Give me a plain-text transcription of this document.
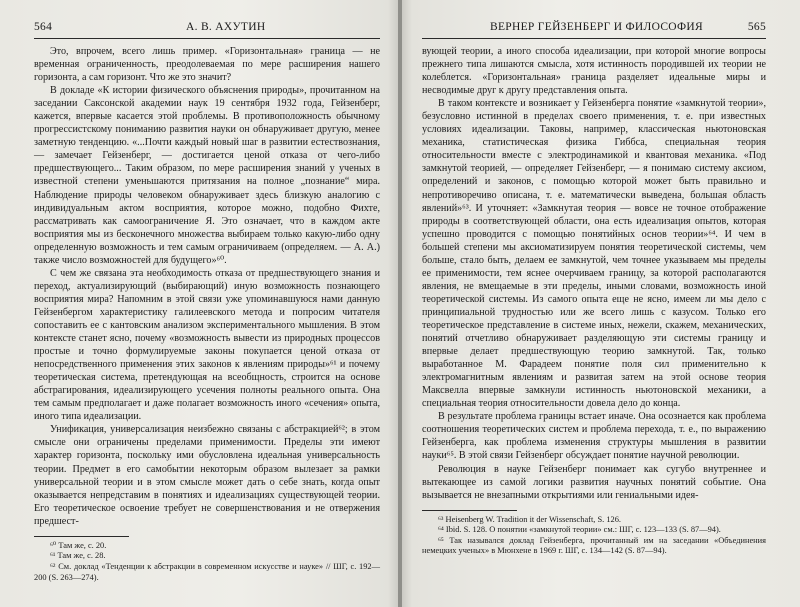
564	А. В. АХУТИН

Это, впрочем, всего лишь пример. «Горизонтальная» граница — не временная ограниченность, преодолеваемая по мере расширения нашего горизонта, а сам горизонт. Что же это значит?

В докладе «К истории физического объяснения природы», прочитанном на заседании Саксонской академии наук 19 сентября 1932 года, Гейзенберг, кажется, впервые касается этой проблемы. В противоположность обычному прогрессистскому пониманию развития науки он обнаруживает другую, менее заметную тенденцию. «...Почти каждый новый шаг в развитии естествознания, — замечает Гейзенберг, — достигается ценой отказа от чего-либо предшествующего... Таким образом, по мере расширения знаний у ученых в известной степени уменьшаются притязания на полное „познание“ мира. Наблюдение природы человеком обнаруживает здесь близкую аналогию с индивидуальным актом восприятия, которое можно, подобно Фихте, рассматривать как самоограничение Я. Это означает, что в каждом акте восприятия мы из бесконечного множества выбираем только какую-либо одну определенную возможность и тем самым ограничиваем (определяем. — А. А.) также число возможностей для будущего»⁶⁰.

С чем же связана эта необходимость отказа от предшествующего знания и переход, актуализирующий (выбирающий) иную возможность познающего восприятия мира? Напомним в этой связи уже упоминавшуюся нами данную Гейзенбергом характеристику галилеевского метода и попросим читателя сопоставить ее с кантовским анализом экспериментального мышления. В этом контексте станет ясно, почему «возможность вывести из природных процессов простые и точно формулируемые законы покупается ценой отказа от непосредственного применения этих законов к явлениям природы»⁶¹ и почему теоретическая система, претендующая на всеобщность, строится на основе абстрагирования, идеализирующего усечения полноты реального опыта. Она тем самым предполагает и даже полагает возможность иного «сечения» опыта, иного типа идеализации.

Унификация, универсализация неизбежно связаны с абстракцией⁶²; в этом смысле они ограничены пределами применимости. Пределы эти имеют характер горизонта, поскольку ими обусловлена идеальная универсальность теории. Предмет в его самобытии некоторым образом вылезает за рамки универсальной теории и в этом смысле может дать о себе знать, когда опыт оказывается непредставим в понятиях и идеализациях существующей теории. Его теоретическое освоение требует не совершенствования и не отвержения предшест-

⁶⁰ Там же, с. 20.
⁶¹ Там же, с. 28.
⁶² См. доклад «Тенденции к абстракции в современном искусстве и науке» // ШГ, с. 192—200 (S. 263—274).
ВЕРНЕР ГЕЙЗЕНБЕРГ И ФИЛОСОФИЯ	565

вующей теории, а иного способа идеализации, при которой многие вопросы прежнего типа лишаются смысла, хотя истинность породившей их теории не колеблется. «Горизонтальная» граница разделяет идеальные миры и несводимые друг к другу представления опыта.

В таком контексте и возникает у Гейзенберга понятие «замкнутой теории», безусловно истинной в пределах своего применения, т. е. при известных условиях идеализации. Таковы, например, классическая ньютоновская механика, статистическая физика Гиббса, специальная теория относительности вместе с электродинамикой и квантовая механика. «Под замкнутой теорией, — определяет Гейзенберг, — я понимаю систему аксиом, определений и законов, с помощью которой может быть правильно и непротиворечиво описана, т. е. математически выведена, большая область явлений»⁶³. И уточняет: «Замкнутая теория — вовсе не точное отображение природы в соответствующей области, она есть идеализация опытов, которая успешно проводится с помощью понятийных основ теории»⁶⁴. И чем в большей степени мы аксиоматизируем понятия теоретической системы, чем больше, стало быть, делаем ее замкнутой, чем точнее указываем мы пределы ее применимости, тем яснее очерчиваем границу, за которой располагаются явления, не вмещаемые в эти пределы, иными словами, возможность иной теоретической системы. Из самого опыта еще не ясно, имеем ли мы дело с принципиальной трудностью или же всего лишь с казусом. Только его теоретическое представление в системе иных, нежели, скажем, механических, понятий отчетливо обнаруживает разделяющую эти системы границу и впервые делает предшествующую теорию замкнутой. Так, только выработанное М. Фарадеем понятие поля сил применительно к электромагнитным явлениям и развитая затем на этой основе теория Максвелла впервые замкнули истинность ньютоновской механики, а специальная теория относительности довела дело до конца.

В результате проблема границы встает иначе. Она осознается как проблема соотношения теоретических систем и проблема перехода, т. е., по выражению Гейзенберга, как проблема изменения структуры мышления в развитии науки⁶⁵. В этой связи Гейзенберг обсуждает понятие научной революции.

Революция в науке Гейзенберг понимает как сугубо внутреннее и вытекающее из самой логики развития научных понятий событие. Она вызывается не внезапными открытиями или гениальными идея-

⁶³ Heisenberg W. Tradition it der Wissenschaft, S. 126.
⁶⁴ Ibid. S. 128. О понятии «замкнутой теории» см.: ШГ, с. 123—133 (S. 87—94).
⁶⁵ Так назывался доклад Гейзенберга, прочитанный им на заседании «Объединения немецких ученых» в Мюнхене в 1969 г. ШГ, с. 134—142 (S. 87—94).
